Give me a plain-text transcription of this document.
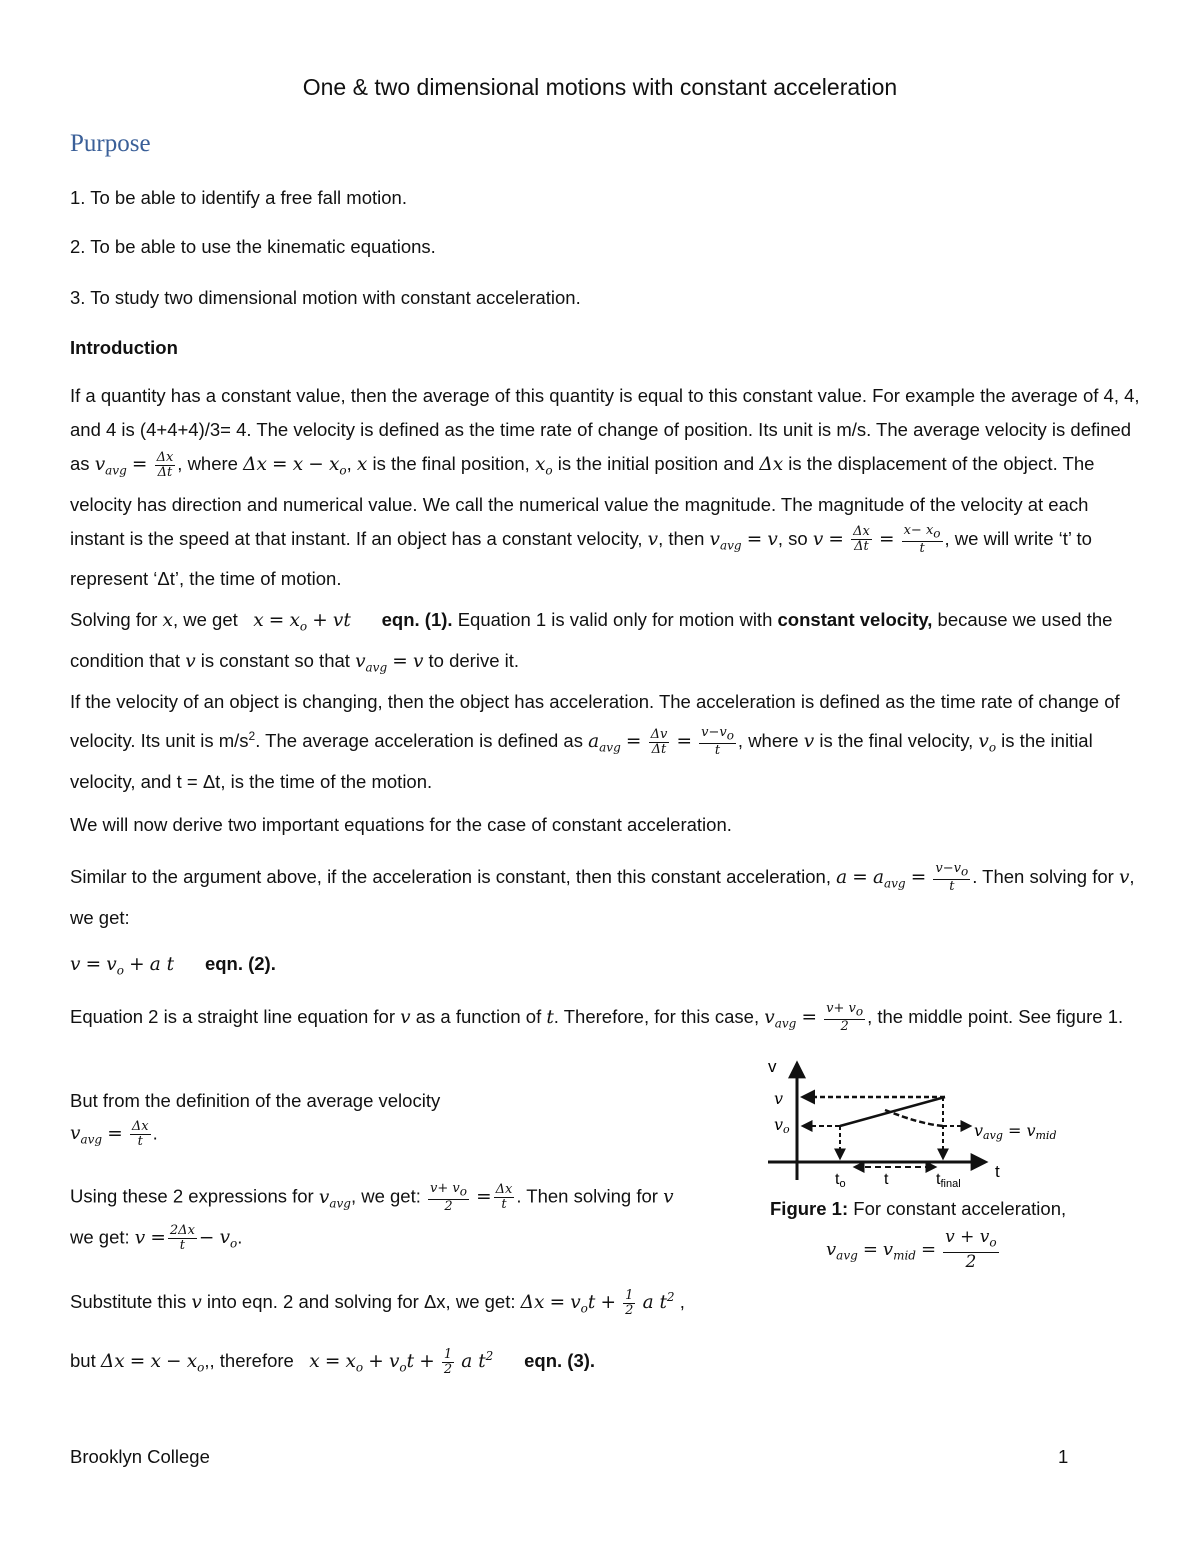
One & two dimensional motions with constant acceleration
Purpose
1. To be able to identify a free fall motion.
2. To be able to use the kinematic equations.
3. To study two dimensional motion with constant acceleration.
Introduction
If a quantity has a constant value, then the average of this quantity is equal to this constant value. For example the average of 4, 4, and 4 is (4+4+4)/3= 4. The velocity is defined as the time rate of change of position. Its unit is m/s. The average velocity is defined as $v_{avg} = \frac{\Delta x}{\Delta t}$ , where $\Delta x = x - x_o$, x is the final position, $x_o$ is the initial position and Δx is the displacement of the object. The velocity has direction and numerical value. We call the numerical value the magnitude. The magnitude of the velocity at each instant is the speed at that instant. If an object has a constant velocity, v, then $v_{avg} = v$, so $v = \frac{\Delta x}{\Delta t} = \frac{x- x_o}{t}$ , we will write ‘t’ to represent ‘Δt’, the time of motion.
Solving for x, we get   $x = x_o$ + vt eqn. (1). Equation 1 is valid only for motion with constant velocity, because we used the condition that v is constant so that $v_{avg} = v$ to derive it.
If the velocity of an object is changing, then the object has acceleration. The acceleration is defined as the time rate of change of velocity. Its unit is $m/s^2$. The average acceleration is defined as $a_{avg} = \frac{\Delta v}{\Delta t} = \frac{v-v_o}{t}$ , where v is the final velocity, $v_o$ is the initial velocity, and t = Δt, is the time of the motion.
We will now derive two important equations for the case of constant acceleration.
Similar to the argument above, if the acceleration is constant, then this constant acceleration, $a = a_{avg} = \frac{v-v_o}{t}$ . Then solving for v, we get:
$v = v_o + a$ t eqn. (2).
Equation 2 is a straight line equation for v as a function of t. Therefore, for this case, $v_{avg} = \frac{v+ v_o}{2}$ , the middle point. See figure 1.
But from the definition of the average velocity
$v_{avg} = \frac{\Delta x}{t}$ .
Using these 2 expressions for $v_{avg}$, we get: $\frac{v+ v_o}{2} = \frac{\Delta x}{t}$ . Then solving for v
we get: $v = \frac{2\Delta x}{t} - v_o$.
Substitute this v into eqn. 2 and solving for Δx, we get: $\Delta x = v_ot + \frac{1}{2}$ a $t^2$ ,
but $\Delta x = x - x_o$,, therefore   $x = x_o + v_ot + \frac{1}{2}$ a $t^2$ eqn. (3).
v
t
v
vo
to t	tfinal
vavg = vmid
Figure 1: For constant acceleration,
$v_{avg} = v_{mid} = \frac{v + v_o}{2}$
Brooklyn College	1
